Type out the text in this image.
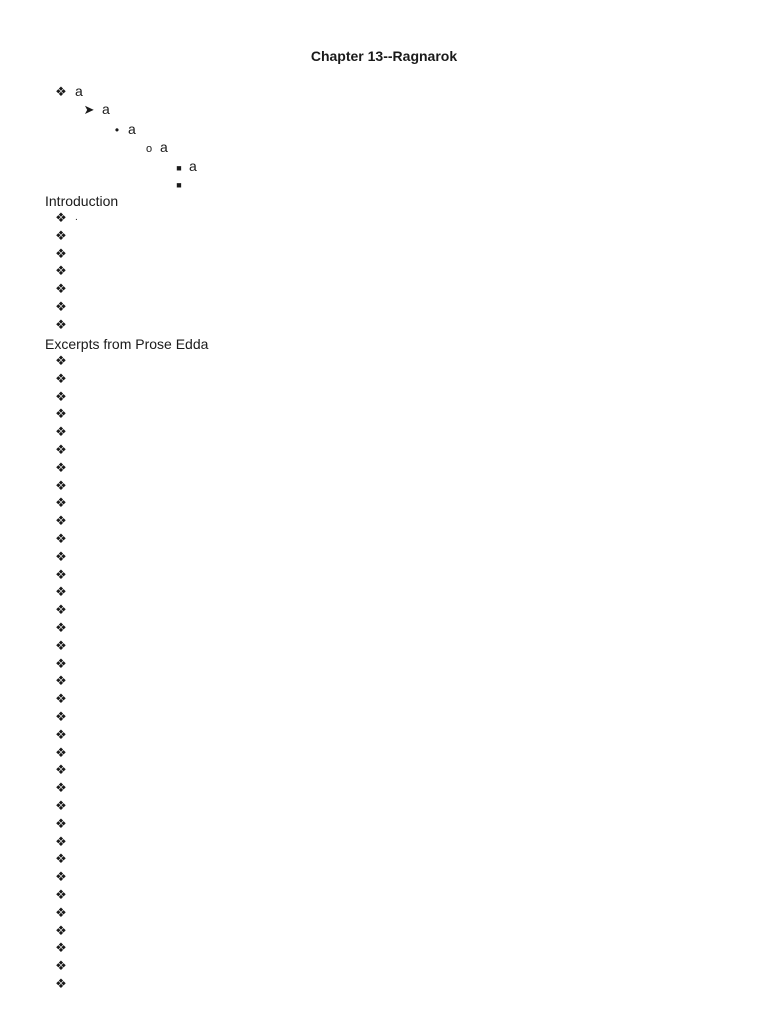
Chapter 13--Ragnarok
❖ a
➤ a
• a
o a
■ a
■
Introduction
❖ .
❖
❖
❖
❖
❖
❖
Excerpts from Prose Edda
❖
❖
❖
❖
❖
❖
❖
❖
❖
❖
❖
❖
❖
❖
❖
❖
❖
❖
❖
❖
❖
❖
❖
❖
❖
❖
❖
❖
❖
❖
❖
❖
❖
❖
❖
❖
